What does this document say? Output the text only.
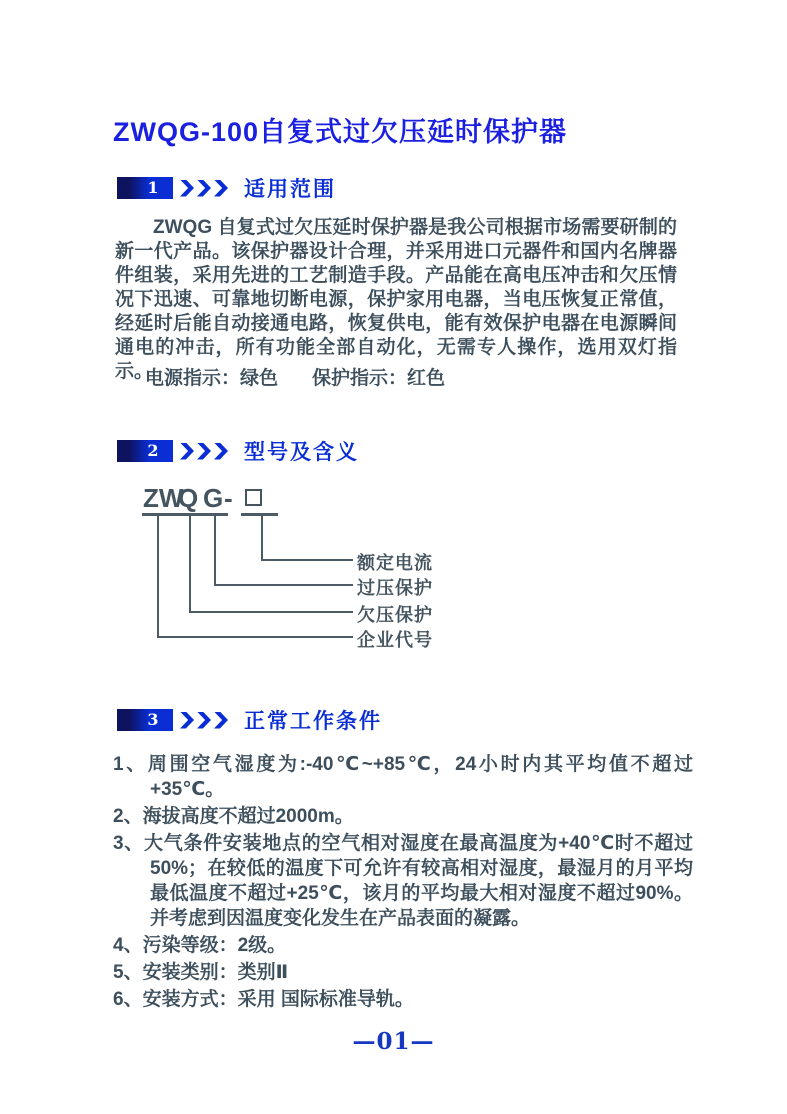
ZWQG-100自复式过欠压延时保护器
1	适用范围
ZWQG 自复式过欠压延时保护器是我公司根据市场需要研制的新一代产品。该保护器设计合理，并采用进口元器件和国内名牌器件组装，采用先进的工艺制造手段。产品能在高电压冲击和欠压情况下迅速、可靠地切断电源，保护家用电器，当电压恢复正常值，经延时后能自动接通电路，恢复供电，能有效保护电器在电源瞬间通电的冲击，所有功能全部自动化，无需专人操作，选用双灯指示。
电源指示：绿色 保护指示：红色
2	型号及含义
ZW
Q G -
额定电流
过压保护
欠压保护
企业代号
3	正常工作条件
1、周围空气湿度为:-40℃~+85℃，24小时内其平均值不超过+35℃。
2、海拔高度不超过2000m。
3、大气条件安装地点的空气相对湿度在最高温度为+40℃时不超过50%；在较低的温度下可允许有较高相对湿度，最湿月的月平均最低温度不超过+25℃，该月的平均最大相对湿度不超过90%。并考虑到因温度变化发生在产品表面的凝露。
4、污染等级：2级。
5、安装类别：类别Ⅱ
6、安装方式：采用 国际标准导轨。
—01—
